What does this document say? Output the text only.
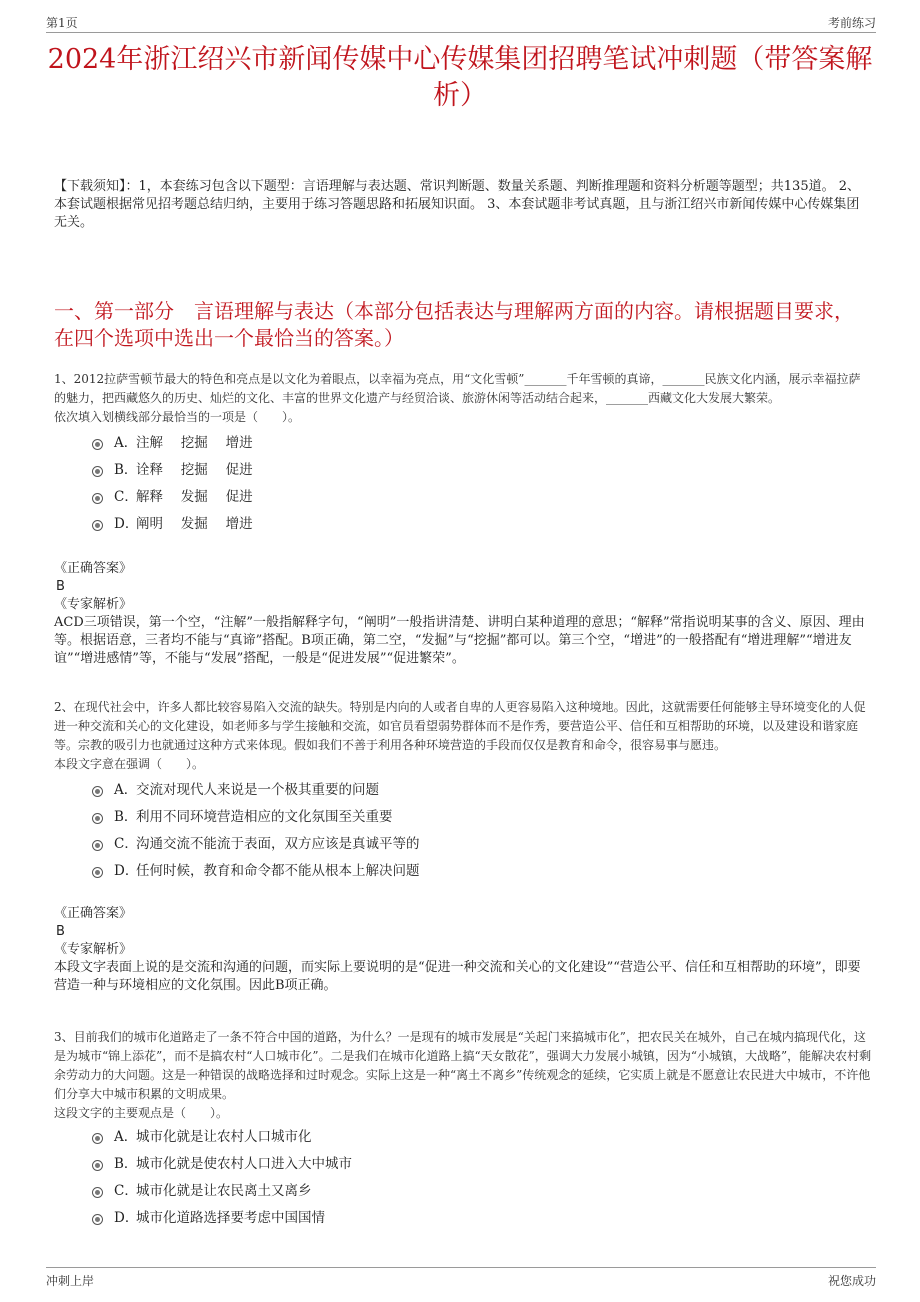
第1页	考前练习
2024年浙江绍兴市新闻传媒中心传媒集团招聘笔试冲刺题（带答案解析）
【下载须知】：1，本套练习包含以下题型：言语理解与表达题、常识判断题、数量关系题、判断推理题和资料分析题等题型；共135道。 2、本套试题根据常见招考题总结归纳，主要用于练习答题思路和拓展知识面。 3、本套试题非考试真题，且与浙江绍兴市新闻传媒中心传媒集团无关。
一、第一部分　言语理解与表达（本部分包括表达与理解两方面的内容。请根据题目要求，在四个选项中选出一个最恰当的答案。）
1、2012拉萨雪顿节最大的特色和亮点是以文化为着眼点，以幸福为亮点，用“文化雪顿”_______千年雪顿的真谛，_______民族文化内涵，展示幸福拉萨的魅力，把西藏悠久的历史、灿烂的文化、丰富的世界文化遗产与经贸洽谈、旅游休闲等活动结合起来，_______西藏文化大发展大繁荣。
依次填入划横线部分最恰当的一项是（　　）。
A．注解　 挖掘　 增进
B．诠释　 挖掘　 促进
C．解释　 发掘　 促进
D．阐明　 发掘　 增进
《正确答案》
B
《专家解析》
ACD三项错误，第一个空，“注解”一般指解释字句，“阐明”一般指讲清楚、讲明白某种道理的意思；“解释”常指说明某事的含义、原因、理由等。根据语意，三者均不能与“真谛”搭配。B项正确，第二空，“发掘”与“挖掘”都可以。第三个空，“增进”的一般搭配有“增进理解”“增进友谊”“增进感情”等，不能与“发展”搭配，一般是“促进发展”“促进繁荣”。
2、在现代社会中，许多人都比较容易陷入交流的缺失。特别是内向的人或者自卑的人更容易陷入这种境地。因此，这就需要任何能够主导环境变化的人促进一种交流和关心的文化建设，如老师多与学生接触和交流，如官员看望弱势群体而不是作秀，要营造公平、信任和互相帮助的环境，以及建设和谐家庭等。宗教的吸引力也就通过这种方式来体现。假如我们不善于利用各种环境营造的手段而仅仅是教育和命令，很容易事与愿违。
本段文字意在强调（　　）。
A．交流对现代人来说是一个极其重要的问题
B．利用不同环境营造相应的文化氛围至关重要
C．沟通交流不能流于表面，双方应该是真诚平等的
D．任何时候，教育和命令都不能从根本上解决问题
《正确答案》
B
《专家解析》
本段文字表面上说的是交流和沟通的问题，而实际上要说明的是“促进一种交流和关心的文化建设”“营造公平、信任和互相帮助的环境”，即要营造一种与环境相应的文化氛围。因此B项正确。
3、目前我们的城市化道路走了一条不符合中国的道路，为什么？一是现有的城市发展是“关起门来搞城市化”，把农民关在城外，自己在城内搞现代化，这是为城市“锦上添花”，而不是搞农村“人口城市化”。二是我们在城市化道路上搞“天女散花”，强调大力发展小城镇，因为“小城镇，大战略”，能解决农村剩余劳动力的大问题。这是一种错误的战略选择和过时观念。实际上这是一种“离土不离乡”传统观念的延续，它实质上就是不愿意让农民进大中城市，不许他们分享大中城市积累的文明成果。
这段文字的主要观点是（　　）。
A．城市化就是让农村人口城市化
B．城市化就是使农村人口进入大中城市
C．城市化就是让农民离土又离乡
D．城市化道路选择要考虑中国国情
冲刺上岸	祝您成功
